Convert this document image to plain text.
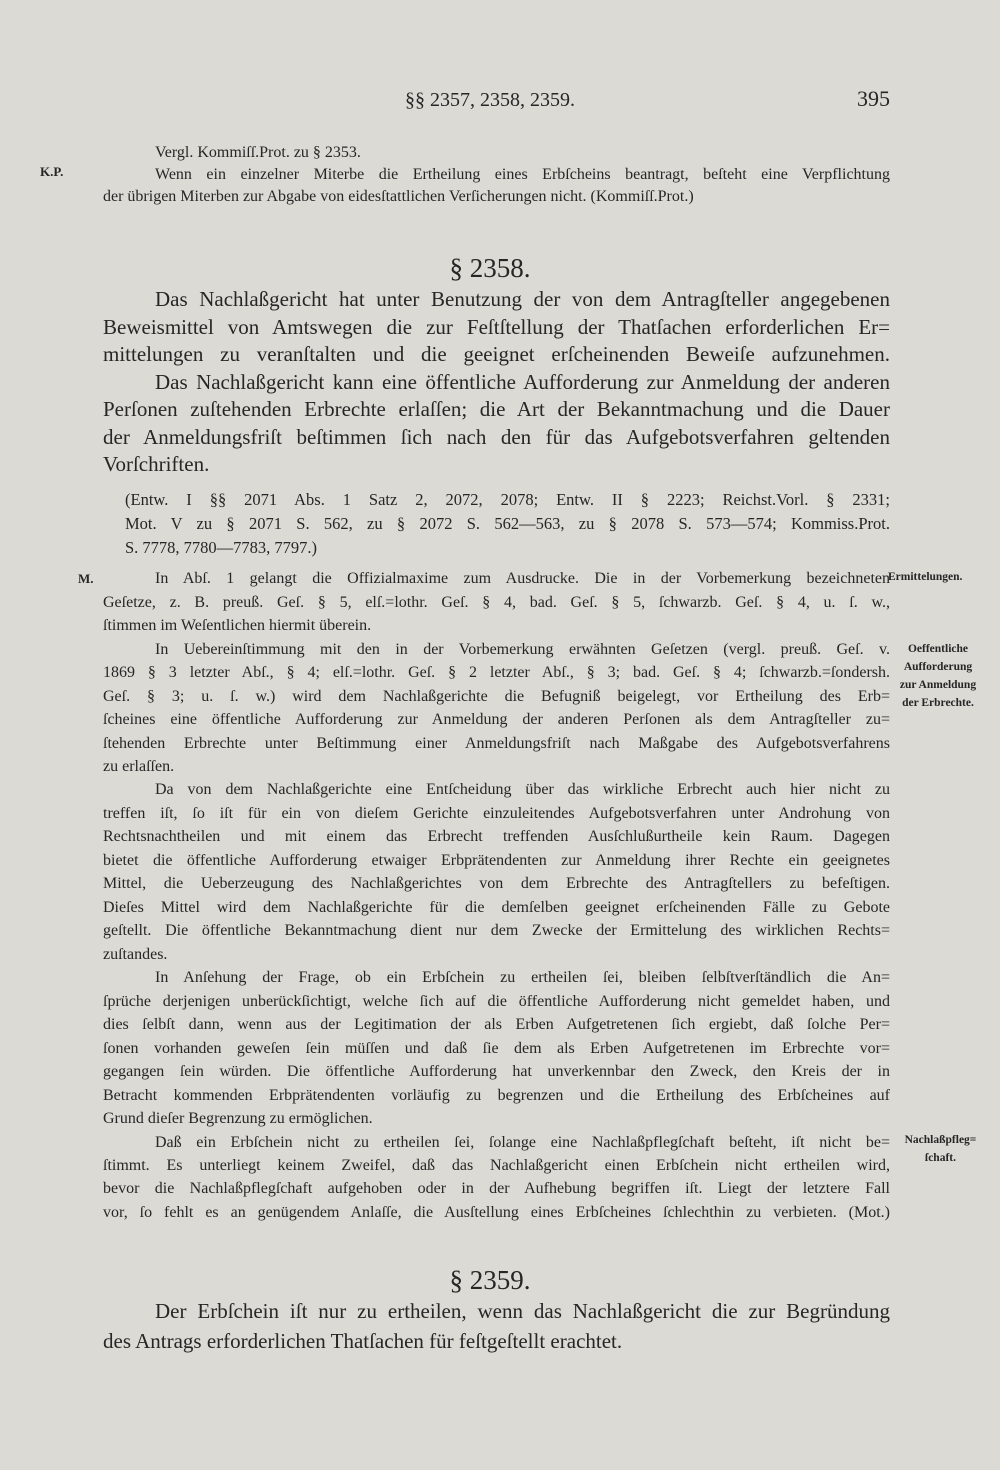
§§ 2357, 2358, 2359.	395
K.P.
Vergl. Kommiſſ.Prot. zu § 2353.
Wenn ein einzelner Miterbe die Ertheilung eines Erbſcheins beantragt, beſteht eine Verpflichtung
der übrigen Miterben zur Abgabe von eidesſtattlichen Verſicherungen nicht. (Kommiſſ.Prot.)
§ 2358.
Das Nachlaßgericht hat unter Benutzung der von dem Antragſteller angegebenen
Beweismittel von Amtswegen die zur Feſtſtellung der Thatſachen erforderlichen Er=
mittelungen zu veranſtalten und die geeignet erſcheinenden Beweiſe aufzunehmen.
Das Nachlaßgericht kann eine öffentliche Aufforderung zur Anmeldung der anderen
Perſonen zuſtehenden Erbrechte erlaſſen; die Art der Bekanntmachung und die Dauer
der Anmeldungsfriſt beſtimmen ſich nach den für das Aufgebotsverfahren geltenden
Vorſchriften.
(Entw. I §§ 2071 Abs. 1 Satz 2, 2072, 2078; Entw. II § 2223; Reichst.Vorl. § 2331;
Mot. V zu § 2071 S. 562, zu § 2072 S. 562—563, zu § 2078 S. 573—574; Kommiss.Prot.
S. 7778, 7780—7783, 7797.)
M.	In Abſ. 1 gelangt die Offizialmaxime zum Ausdrucke. Die in der Vorbemerkung bezeichneten
Geſetze, z. B. preuß. Geſ. § 5, elſ.=lothr. Geſ. § 4, bad. Geſ. § 5, ſchwarzb. Geſ. § 4, u. ſ. w.,
ſtimmen im Weſentlichen hiermit überein.
In Uebereinſtimmung mit den in der Vorbemerkung erwähnten Geſetzen (vergl. preuß. Geſ. v.
1869 § 3 letzter Abſ., § 4; elſ.=lothr. Geſ. § 2 letzter Abſ., § 3; bad. Geſ. § 4; ſchwarzb.=ſondersh.
Geſ. § 3; u. ſ. w.) wird dem Nachlaßgerichte die Befugniß beigelegt, vor Ertheilung des Erb=
ſcheines eine öffentliche Aufforderung zur Anmeldung der anderen Perſonen als dem Antragſteller zu=
ſtehenden Erbrechte unter Beſtimmung einer Anmeldungsfriſt nach Maßgabe des Aufgebotsverfahrens
zu erlaſſen.
Da von dem Nachlaßgerichte eine Entſcheidung über das wirkliche Erbrecht auch hier nicht zu
treffen iſt, ſo iſt für ein von dieſem Gerichte einzuleitendes Aufgebotsverfahren unter Androhung von
Rechtsnachtheilen und mit einem das Erbrecht treffenden Ausſchlußurtheile kein Raum. Dagegen
bietet die öffentliche Aufforderung etwaiger Erbprätendenten zur Anmeldung ihrer Rechte ein geeignetes
Mittel, die Ueberzeugung des Nachlaßgerichtes von dem Erbrechte des Antragſtellers zu befeſtigen.
Dieſes Mittel wird dem Nachlaßgerichte für die demſelben geeignet erſcheinenden Fälle zu Gebote
geſtellt. Die öffentliche Bekanntmachung dient nur dem Zwecke der Ermittelung des wirklichen Rechts=
zuſtandes.
In Anſehung der Frage, ob ein Erbſchein zu ertheilen ſei, bleiben ſelbſtverſtändlich die An=
ſprüche derjenigen unberückſichtigt, welche ſich auf die öffentliche Aufforderung nicht gemeldet haben, und
dies ſelbſt dann, wenn aus der Legitimation der als Erben Aufgetretenen ſich ergiebt, daß ſolche Per=
ſonen vorhanden geweſen ſein müſſen und daß ſie dem als Erben Aufgetretenen im Erbrechte vor=
gegangen ſein würden. Die öffentliche Aufforderung hat unverkennbar den Zweck, den Kreis der in
Betracht kommenden Erbprätendenten vorläufig zu begrenzen und die Ertheilung des Erbſcheines auf
Grund dieſer Begrenzung zu ermöglichen.
Daß ein Erbſchein nicht zu ertheilen ſei, ſolange eine Nachlaßpflegſchaft beſteht, iſt nicht be=
ſtimmt. Es unterliegt keinem Zweifel, daß das Nachlaßgericht einen Erbſchein nicht ertheilen wird,
bevor die Nachlaßpflegſchaft aufgehoben oder in der Aufhebung begriffen iſt. Liegt der letztere Fall
vor, ſo fehlt es an genügendem Anlaſſe, die Ausſtellung eines Erbſcheines ſchlechthin zu verbieten. (Mot.)
Ermittelungen.
Oeffentliche
Aufforderung
zur Anmeldung
der Erbrechte.
Nachlaßpfleg=
ſchaft.
§ 2359.
Der Erbſchein iſt nur zu ertheilen, wenn das Nachlaßgericht die zur Begründung
des Antrags erforderlichen Thatſachen für feſtgeſtellt erachtet.
